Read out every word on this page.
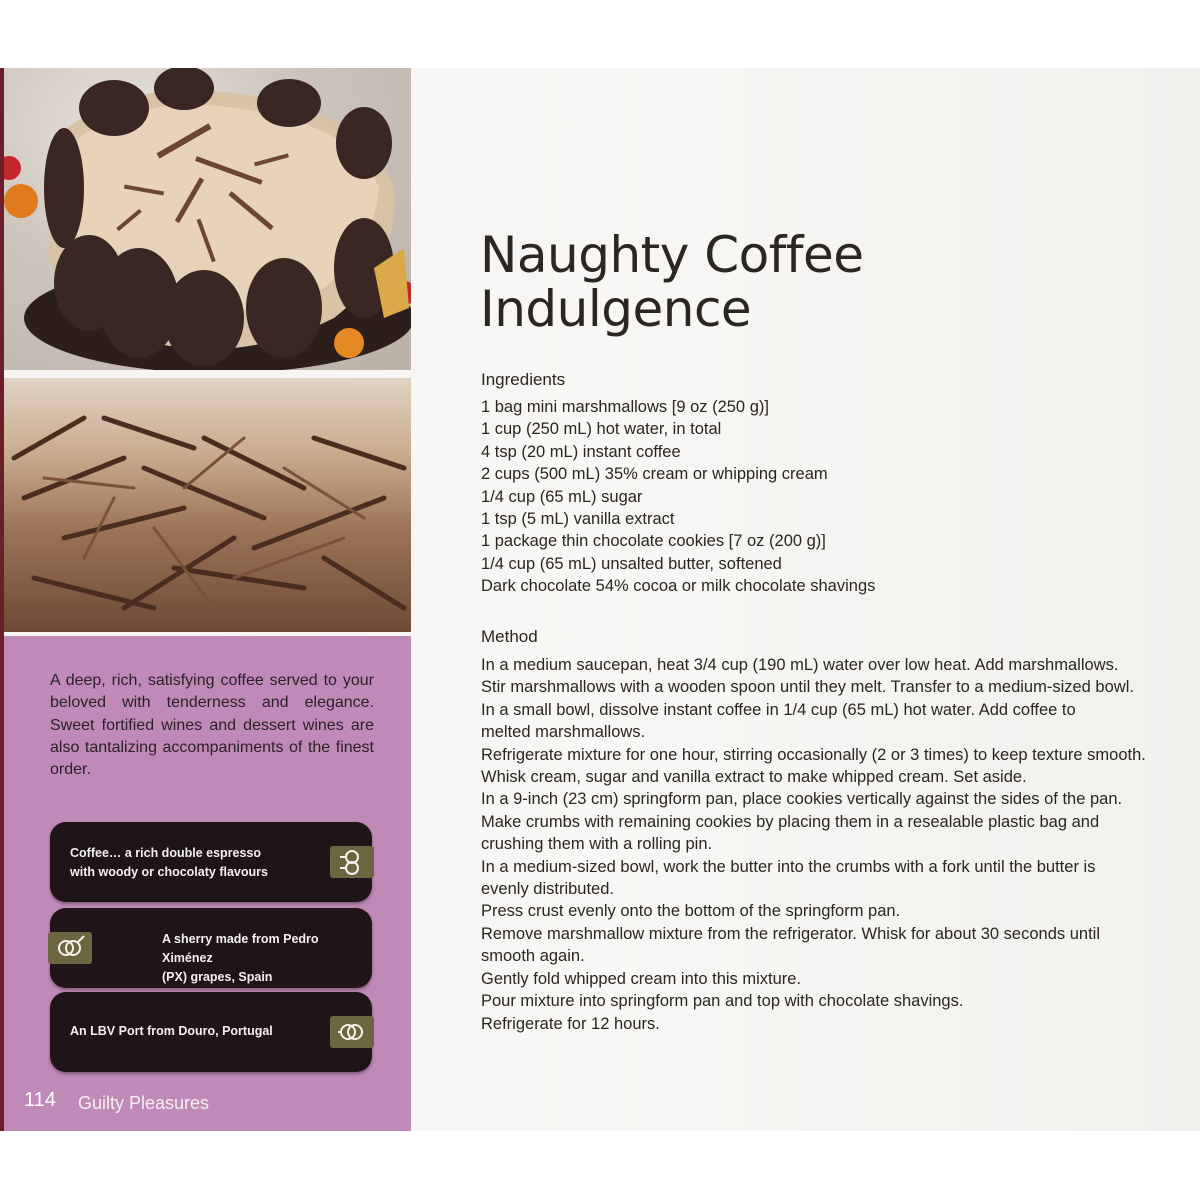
A deep, rich, satisfying coffee served to your beloved with tenderness and elegance. Sweet fortified wines and dessert wines are also tantalizing accompaniments of the finest order.

Coffee… a rich double espresso
with woody or chocolaty flavours
A sherry made from Pedro Ximénez
(PX) grapes, Spain
An LBV Port from Douro, Portugal
114 Guilty Pleasures
Naughty Coffee
Indulgence
Ingredients
1 bag mini marshmallows [9 oz (250 g)]
1 cup (250 mL) hot water, in total
4 tsp (20 mL) instant coffee
2 cups (500 mL) 35% cream or whipping cream
1/4 cup (65 mL) sugar
1 tsp (5 mL) vanilla extract
1 package thin chocolate cookies [7 oz (200 g)]
1/4 cup (65 mL) unsalted butter, softened
Dark chocolate 54% cocoa or milk chocolate shavings
Method
In a medium saucepan, heat 3/4 cup (190 mL) water over low heat. Add marshmallows.
Stir marshmallows with a wooden spoon until they melt. Transfer to a medium-sized bowl.
In a small bowl, dissolve instant coffee in 1/4 cup (65 mL) hot water. Add coffee to
melted marshmallows.
Refrigerate mixture for one hour, stirring occasionally (2 or 3 times) to keep texture smooth.
Whisk cream, sugar and vanilla extract to make whipped cream. Set aside.
In a 9-inch (23 cm) springform pan, place cookies vertically against the sides of the pan.
Make crumbs with remaining cookies by placing them in a resealable plastic bag and
crushing them with a rolling pin.
In a medium-sized bowl, work the butter into the crumbs with a fork until the butter is
evenly distributed.
Press crust evenly onto the bottom of the springform pan.
Remove marshmallow mixture from the refrigerator. Whisk for about 30 seconds until
smooth again.
Gently fold whipped cream into this mixture.
Pour mixture into springform pan and top with chocolate shavings.
Refrigerate for 12 hours.
